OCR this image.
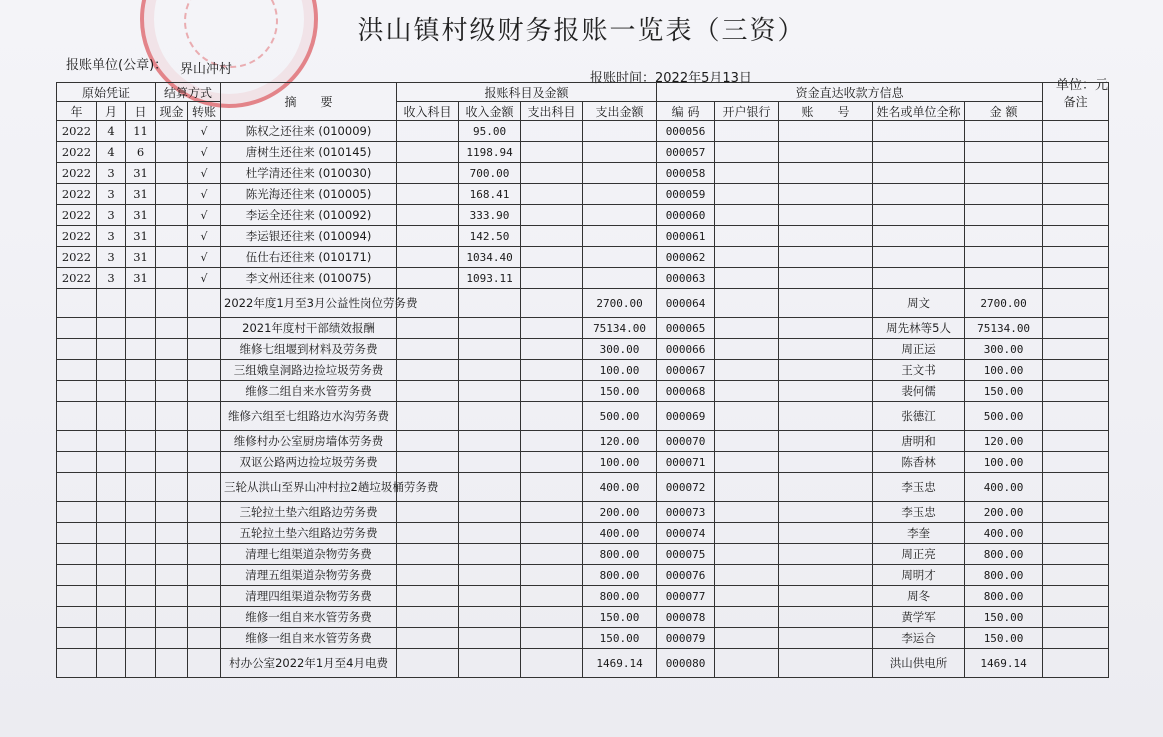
洪山镇村级财务报账一览表（三资）
报账单位(公章)： 界山冲村
报账时间：2022年5月13日	单位：元
原始凭证			结算方式		摘　　要	报账科目及金额				资金直达收款方信息					备注
年	月	日	现金	转账		收入科目	收入金额	支出科目	支出金额	编 码	开户银行	账　　号	姓名或单位全称	金 额	
2022	4	11		√	陈权之还往来 (010009)		95.00			000056					
2022	4	6		√	唐树生还往来 (010145)		1198.94			000057					
2022	3	31		√	杜学清还往来 (010030)		700.00			000058					
2022	3	31		√	陈光海还往来 (010005)		168.41			000059					
2022	3	31		√	李运全还往来 (010092)		333.90			000060					
2022	3	31		√	李运银还往来 (010094)		142.50			000061					
2022	3	31		√	伍仕右还往来 (010171)		1034.40			000062					
2022	3	31		√	李文州还往来 (010075)		1093.11			000063					
					2022年度1月至3月公益性岗位劳务费				2700.00	000064			周文	2700.00	
					2021年度村干部绩效报酬				75134.00	000065			周先林等5人	75134.00	
					维修七组堰到材料及劳务费				300.00	000066			周正运	300.00	
					三组娥皇洞路边捡垃圾劳务费				100.00	000067			王文书	100.00	
					维修二组自来水管劳务费				150.00	000068			裴何儒	150.00	
					维修六组至七组路边水沟劳务费				500.00	000069			张德江	500.00	
					维修村办公室厨房墙体劳务费				120.00	000070			唐明和	120.00	
					双讴公路两边捡垃圾劳务费				100.00	000071			陈香林	100.00	
					三轮从洪山至界山冲村拉2趟垃圾桶劳务费				400.00	000072			李玉忠	400.00	
					三轮拉土垫六组路边劳务费				200.00	000073			李玉忠	200.00	
					五轮拉土垫六组路边劳务费				400.00	000074			李奎	400.00	
					清理七组渠道杂物劳务费				800.00	000075			周正亮	800.00	
					清理五组渠道杂物劳务费				800.00	000076			周明才	800.00	
					清理四组渠道杂物劳务费				800.00	000077			周冬	800.00	
					维修一组自来水管劳务费				150.00	000078			黄学军	150.00	
					维修一组自来水管劳务费				150.00	000079			李运合	150.00	
					村办公室2022年1月至4月电费				1469.14	000080			洪山供电所	1469.14	
